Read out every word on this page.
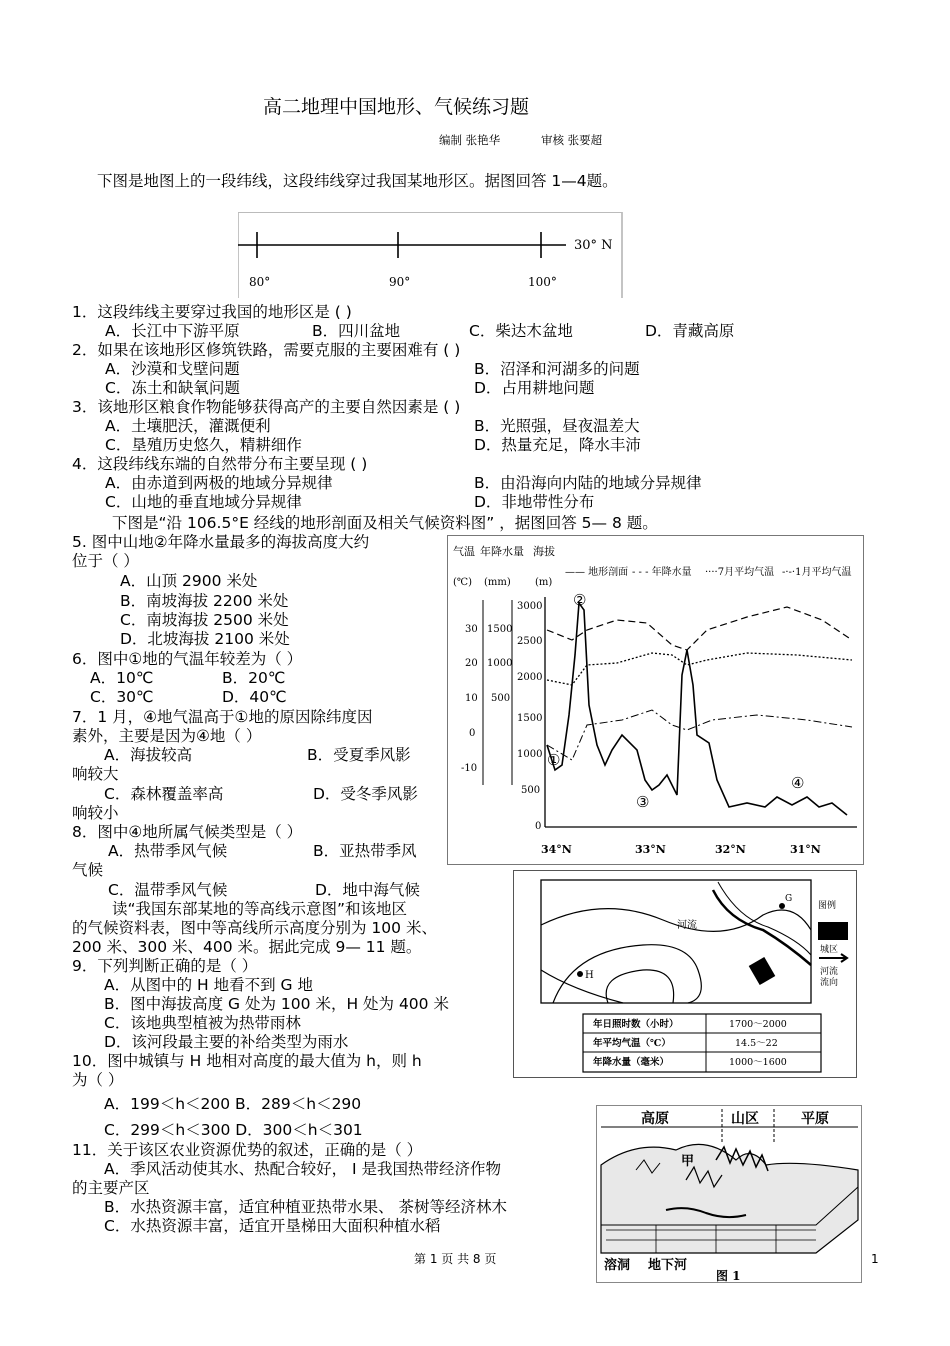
高二地理中国地形、气候练习题
编制 张艳华	审核 张要超
下图是地图上的一段纬线，这段纬线穿过我国某地形区。据图回答 1—4题。
30° N
80°	90°	100°
1．这段纬线主要穿过我国的地形区是 ( )
A．长江中下游平原	B．四川盆地	C．柴达木盆地	D．青藏高原
2．如果在该地形区修筑铁路，需要克服的主要困难有 ( )
A．沙漠和戈壁问题	B．沼泽和河湖多的问题
C．冻土和缺氧问题	D．占用耕地问题
3．该地形区粮食作物能够获得高产的主要自然因素是 ( )
A．土壤肥沃，灌溉便利	B．光照强，昼夜温差大
C．垦殖历史悠久，精耕细作	D．热量充足，降水丰沛
4．这段纬线东端的自然带分布主要呈现 ( )
A．由赤道到两极的地域分异规律	B．由沿海向内陆的地域分异规律
C．山地的垂直地域分异规律	D．非地带性分布
下图是“沿 106.5°E 经线的地形剖面及相关气候资料图” ，据图回答 5— 8 题。
5. 图中山地②年降水量最多的海拔高度大约
位于（ ）
A．山顶 2900 米处
B．南坡海拔 2200 米处
C．南坡海拔 2500 米处
D．北坡海拔 2100 米处
6．图中①地的气温年较差为（ ）
A．10℃	B．20℃
C．30℃	D．40℃
7．1 月，④地气温高于①地的原因除纬度因
素外，主要是因为④地（ ）
A．海拔较高	B．受夏季风影
响较大
C．森林覆盖率高	D．受冬季风影
响较小
8．图中④地所属气候类型是（ ）
A．热带季风气候	B．亚热带季风
气候
C．温带季风气候	D．地中海气候
读“我国东部某地的等高线示意图”和该地区
的气候资料表，图中等高线所示高度分别为 100 米、
200 米、300 米、400 米。据此完成 9— 11 题。
9．下列判断正确的是（ ）
A．从图中的 H 地看不到 G 地
B．图中海拔高度 G 处为 100 米，H 处为 400 米
C．该地典型植被为热带雨林
D．该河段最主要的补给类型为雨水
10．图中城镇与 H 地相对高度的最大值为 h，则 h
为（ ）
A．199＜h＜200 B．289＜h＜290
C．299＜h＜300 D．300＜h＜301
11．关于该区农业资源优势的叙述，正确的是（ ）
A．季风活动使其水、热配合较好， I 是我国热带经济作物
的主要产区
B．水热资源丰富，适宜种植亚热带水果、 茶树等经济林木
C．水热资源丰富，适宜开垦梯田大面积种植水稻
气温 年降水量 海拔
(℃) (mm) (m)
—— 地形剖面 - - - 年降水量 ····7月平均气温 -·-·1月平均气温
30
20
10
0
-10
1500
1000
500
3000
2500
2000
1500
1000
500
0
34°N	33°N	32°N	31°N
①
②
③
④
河流
G
H
图例
城区
河流
流向
年日照时数（小时）	1700～2000
年平均气温（℃）	14.5～22
年降水量（毫米）	1000～1600
高原	山区	平原
甲
溶洞 地下河
图 1
第 1 页 共 8 页	1
